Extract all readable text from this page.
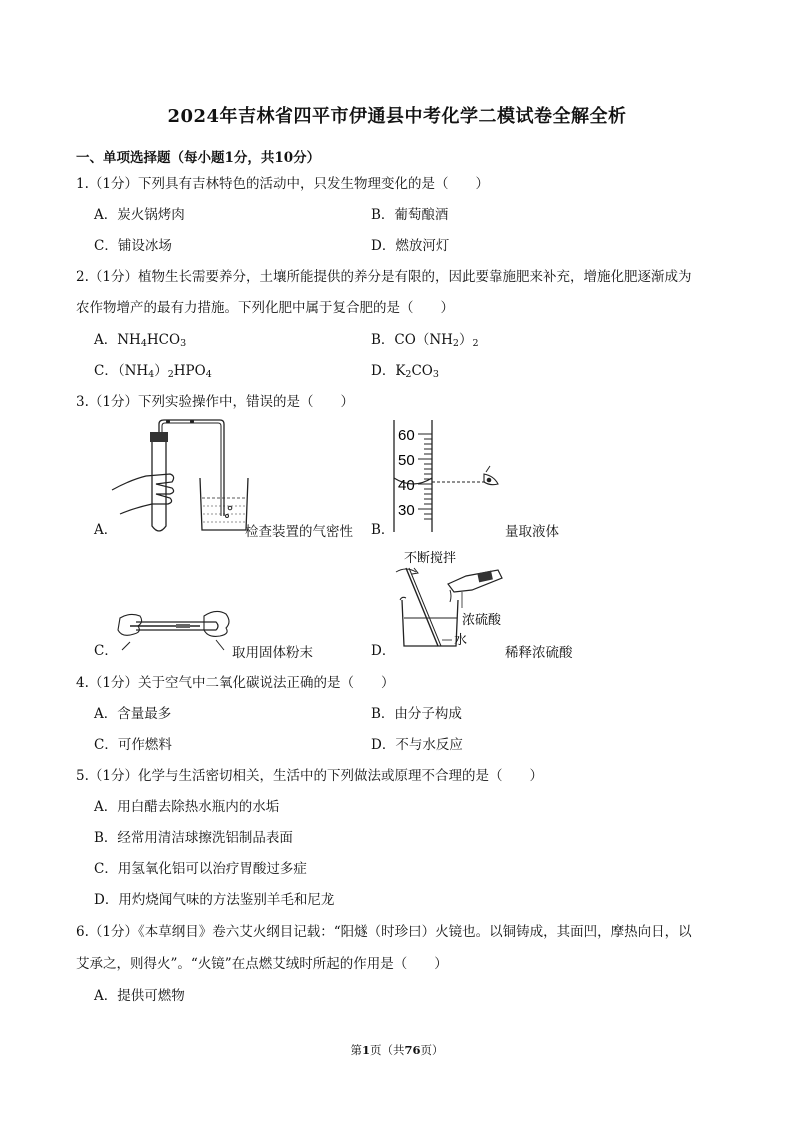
2024年吉林省四平市伊通县中考化学二模试卷全解全析
一、单项选择题（每小题1分，共10分）
1.（1分）下列具有吉林特色的活动中，只发生物理变化的是（　　）
A．炭火锅烤肉	B．葡萄酿酒
C．铺设冰场	D．燃放河灯
2.（1分）植物生长需要养分，土壤所能提供的养分是有限的，因此要靠施肥来补充，增施化肥逐渐成为
农作物增产的最有力措施。下列化肥中属于复合肥的是（　　）
A．$NH_4HCO_3$	B．$CO(NH_2)_2$
C．$(NH_4)_2HPO_4$	D．$K_2CO_3$
3.（1分）下列实验操作中，错误的是（　　）
A．	检查装置的气密性 B．
60
50
40
30
量取液体
C．	取用固体粉末	D．
不断搅拌
浓硫酸
水
稀释浓硫酸
4.（1分）关于空气中二氧化碳说法正确的是（　　）
A．含量最多	B．由分子构成
C．可作燃料	D．不与水反应
5.（1分）化学与生活密切相关，生活中的下列做法或原理不合理的是（　　）
A．用白醋去除热水瓶内的水垢
B．经常用清洁球擦洗铝制品表面
C．用氢氧化铝可以治疗胃酸过多症
D．用灼烧闻气味的方法鉴别羊毛和尼龙
6.（1分）《本草纲目》卷六艾火纲目记载：“阳燧（时珍曰）火镜也。以铜铸成，其面凹，摩热向日，以
艾承之，则得火”。“火镜”在点燃艾绒时所起的作用是（　　）
A．提供可燃物
第1页（共76页）
